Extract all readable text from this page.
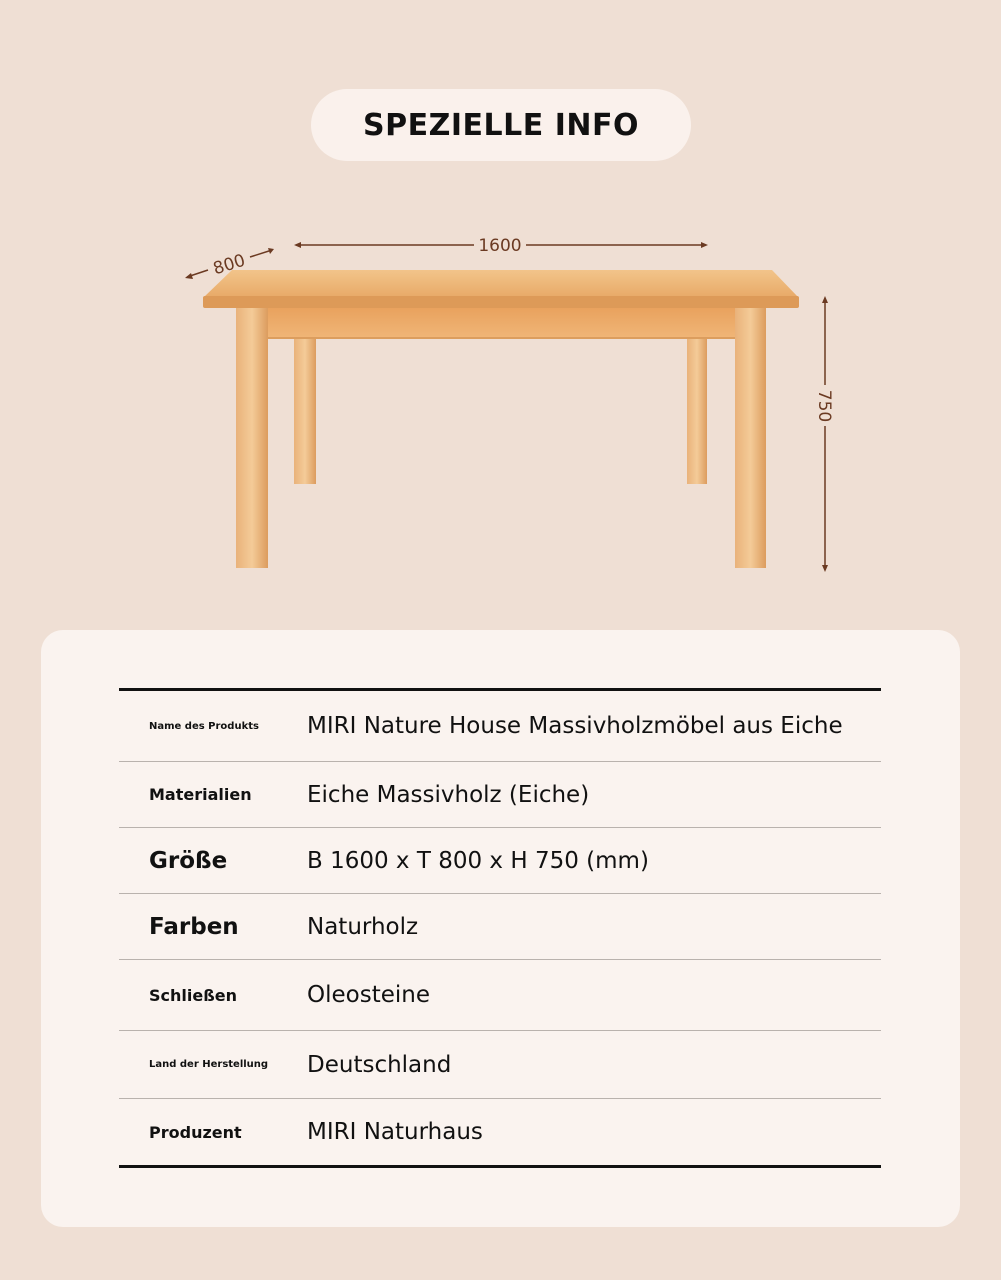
SPEZIELLE INFO
1600
800
750
Name des Produkts	MIRI Nature House Massivholzmöbel aus Eiche
Materialien	Eiche Massivholz (Eiche)
Größe	B 1600 x T 800 x H 750 (mm)
Farben	Naturholz
Schließen	Oleosteine
Land der Herstellung	Deutschland
Produzent	MIRI Naturhaus
